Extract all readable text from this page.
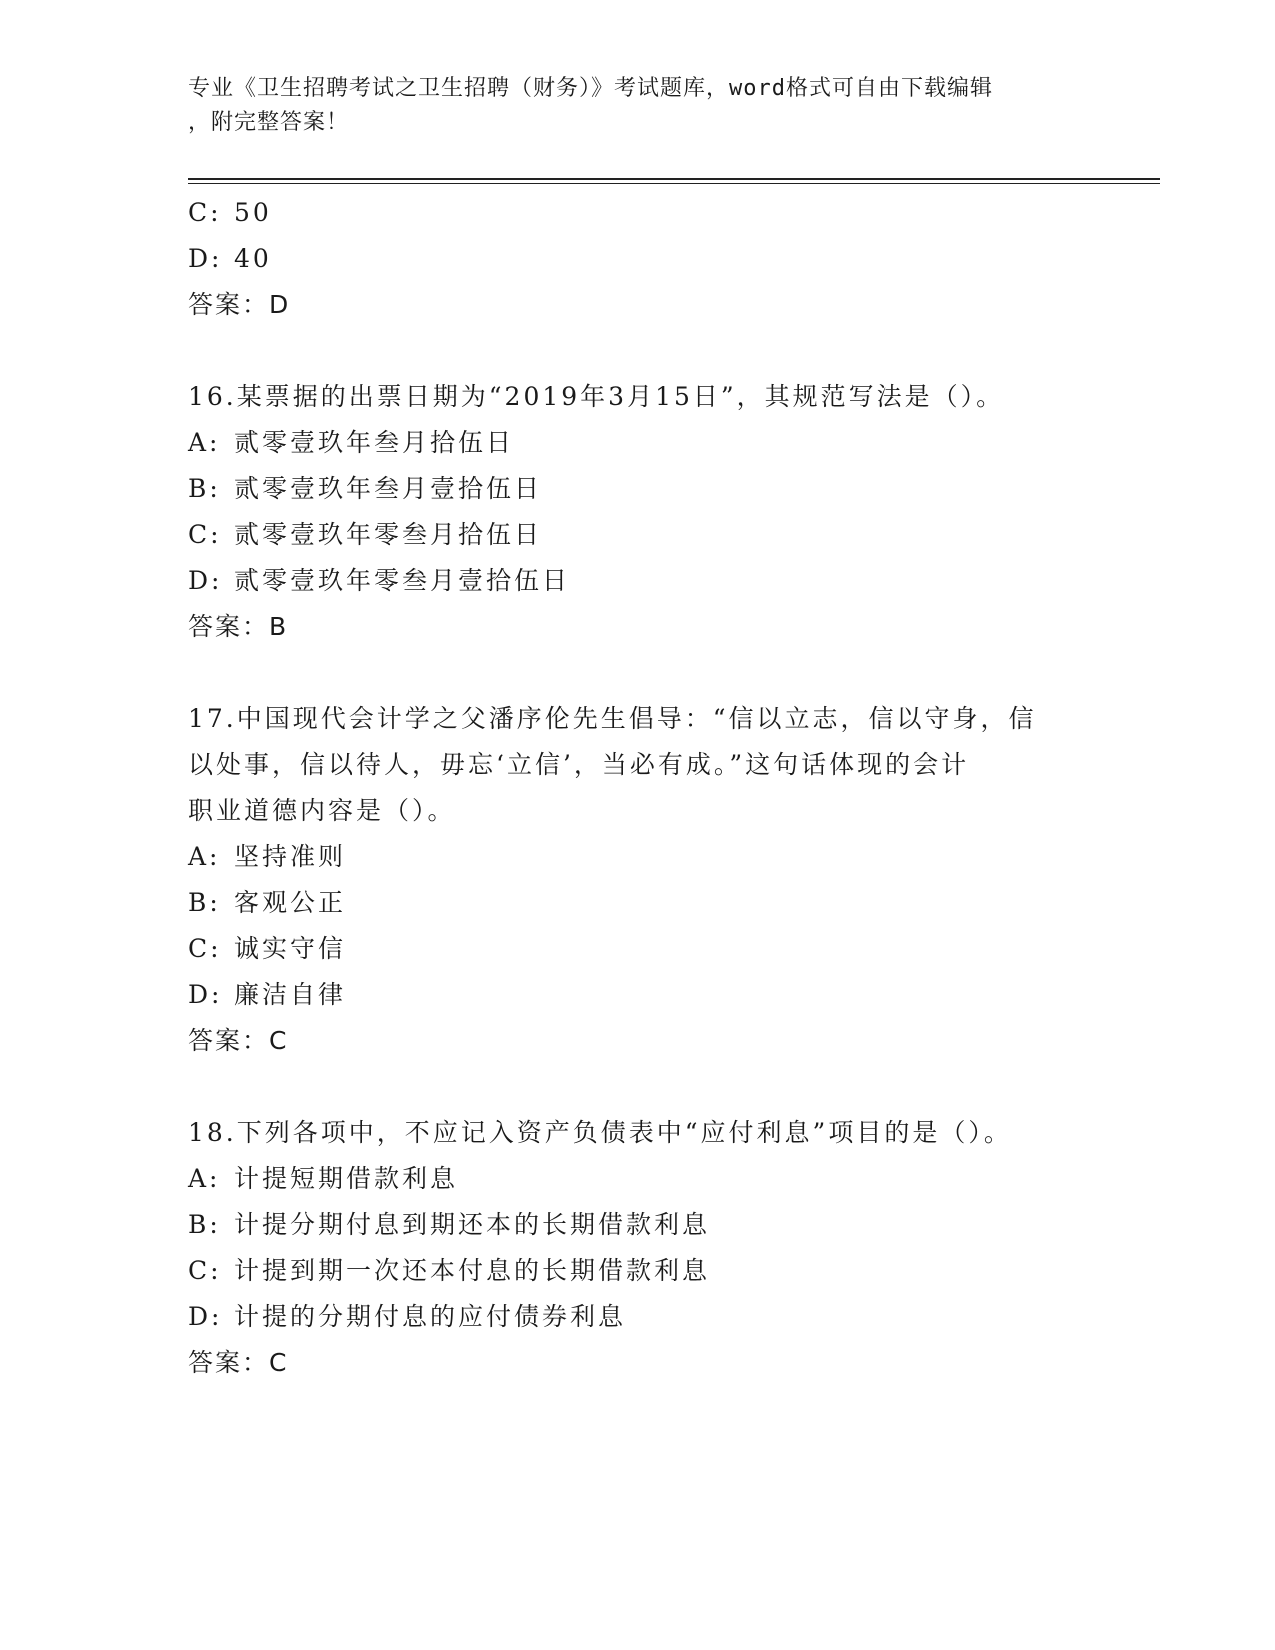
专业《卫生招聘考试之卫生招聘（财务）》考试题库，word格式可自由下载编辑
，附完整答案！
C: 50
D: 40
答案：D
16.某票据的出票日期为“2019年3月15日”，其规范写法是（）。
A: 贰零壹玖年叁月拾伍日
B: 贰零壹玖年叁月壹拾伍日
C: 贰零壹玖年零叁月拾伍日
D: 贰零壹玖年零叁月壹拾伍日
答案：B
17.中国现代会计学之父潘序伦先生倡导：“信以立志，信以守身，信
以处事，信以待人，毋忘‘立信’，当必有成。”这句话体现的会计
职业道德内容是（）。
A: 坚持准则
B: 客观公正
C: 诚实守信
D: 廉洁自律
答案：C
18.下列各项中，不应记入资产负债表中“应付利息”项目的是（）。
A: 计提短期借款利息
B: 计提分期付息到期还本的长期借款利息
C: 计提到期一次还本付息的长期借款利息
D: 计提的分期付息的应付债券利息
答案：C
